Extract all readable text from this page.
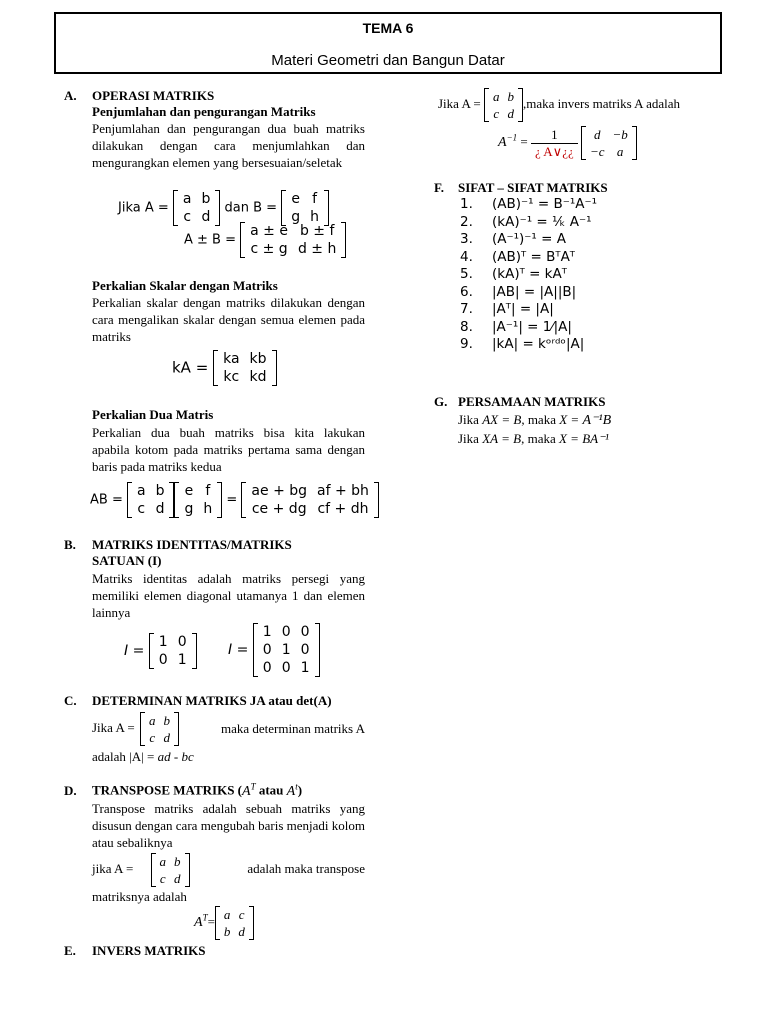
TEMA 6
Materi Geometri dan Bangun Datar
A. OPERASI MATRIKS
Penjumlahan dan pengurangan Matriks
Penjumlahan dan pengurangan dua buah matriks dilakukan dengan cara menjumlahkan dan mengurangkan elemen yang bersesuaian/seletak
Jika A =
a	b
c	d
dan B =
e	f
g	h
A ± B =
a ± e	b ± f
c ± g	d ± h
Perkalian Skalar dengan Matriks
Perkalian skalar dengan matriks dilakukan dengan cara mengalikan skalar dengan semua elemen pada matriks
kA = ka	kb
kc	kd
Perkalian Dua Matris
Perkalian dua buah matriks bisa kita lakukan apabila kotom pada matriks pertama sama dengan baris pada matriks kedua
AB =
a	b
c	d
e	f
g	h
=
ae + bg	af + bh
ce + dg	cf + dh
B. MATRIKS IDENTITAS/MATRIKS
SATUAN (I)
Matriks identitas adalah matriks persegi yang memiliki elemen diagonal utamanya 1 dan elemen lainnya
I =
1	0
0	1
I =
1	0	0
0	1	0
0	0	1
C. DETERMINAN MATRIKS JA atau det(A)
Jika A = a	b
c	d
maka determinan matriks A
adalah |A| = ad - bc
D. TRANSPOSE MATRIKS ($A^T$ atau $A^t$)
Transpose matriks adalah sebuah matriks yang disusun dengan cara mengubah baris menjadi kolom atau sebaliknya
jika A = a	b
c	d
adalah maka transpose
matriksnya adalah
$A^T= a$	c
b	d
E. INVERS MATRIKS
Jika A = a	b
c	d
,maka invers matriks A adalah
$A^{-1} = \frac{1}{¿ A\vee¿¿}$
d	−b
−c	a
F. SIFAT – SIFAT MATRIKS
1. (AB)⁻¹ = B⁻¹A⁻¹
2. (kA)⁻¹ = ¹⁄ₖ A⁻¹
3. (A⁻¹)⁻¹ = A
4. (AB)ᵀ = BᵀAᵀ
5. (kA)ᵀ = kAᵀ
6. |AB| = |A||B|
7. |Aᵀ| = |A|
8. |A⁻¹| = 1⁄|A|
9. |kA| = kᵒʳᵈᵒ|A|
G. PERSAMAAN MATRIKS
Jika AX = B, maka X = A⁻¹B
Jika XA = B, maka X = BA⁻¹
